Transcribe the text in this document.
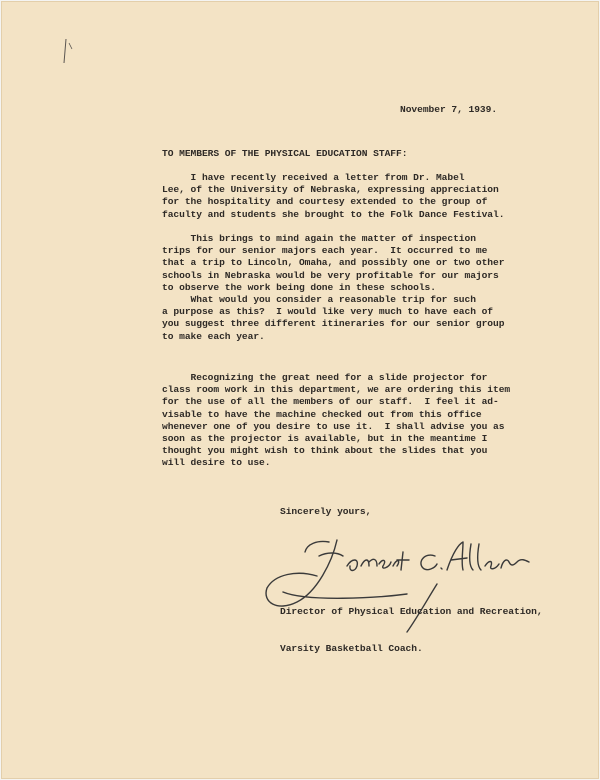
November 7, 1939.
TO MEMBERS OF THE PHYSICAL EDUCATION STAFF:
I have recently received a letter from Dr. Mabel
Lee, of the University of Nebraska, expressing appreciation
for the hospitality and courtesy extended to the group of
faculty and students she brought to the Folk Dance Festival.
This brings to mind again the matter of inspection
trips for our senior majors each year.  It occurred to me
that a trip to Lincoln, Omaha, and possibly one or two other
schools in Nebraska would be very profitable for our majors
to observe the work being done in these schools.
What would you consider a reasonable trip for such
a purpose as this?  I would like very much to have each of
you suggest three different itineraries for our senior group
to make each year.
Recognizing the great need for a slide projector for
class room work in this department, we are ordering this item
for the use of all the members of our staff.  I feel it ad-
visable to have the machine checked out from this office
whenever one of you desire to use it.  I shall advise you as
soon as the projector is available, but in the meantime I
thought you might wish to think about the slides that you
will desire to use.
Sincerely yours,

Director of Physical Education and Recreation,

Varsity Basketball Coach.
